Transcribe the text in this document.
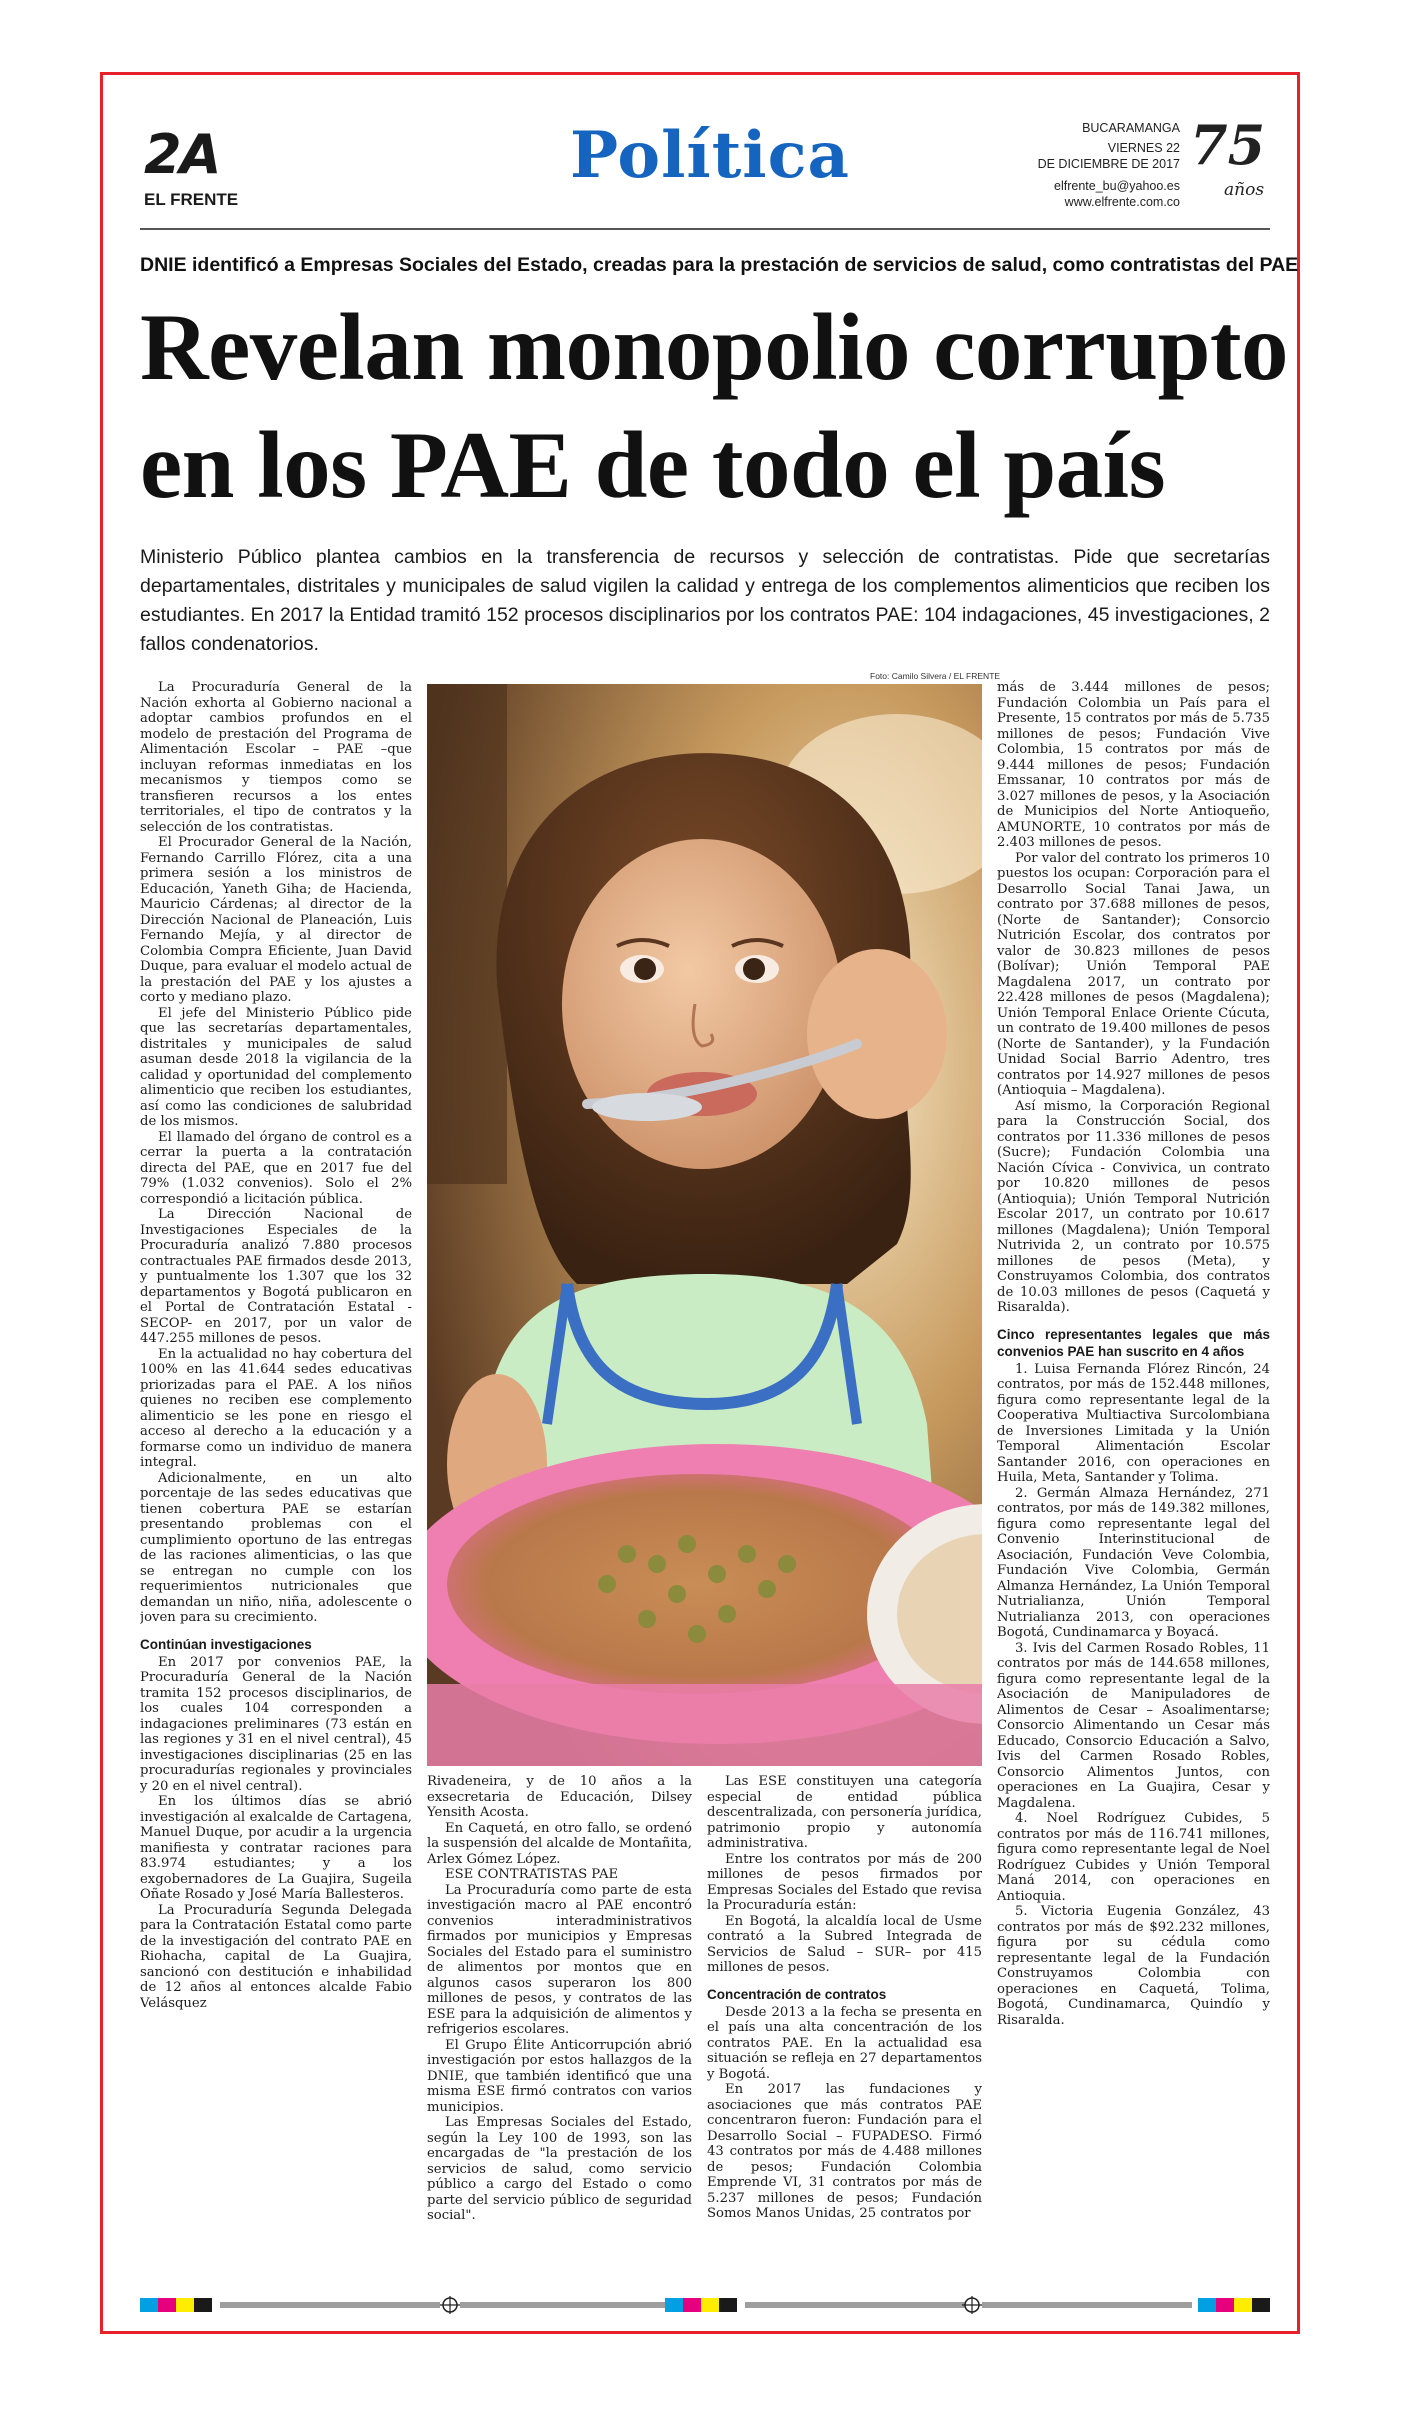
2A
EL FRENTE
Política	BUCARAMANGA
VIERNES 22
DE DICIEMBRE DE 2017
elfrente_bu@yahoo.es
www.elfrente.com.co
75
años
DNIE identificó a Empresas Sociales del Estado, creadas para la prestación de servicios de salud, como contratistas del PAE
Revelan monopolio corrupto
en los PAE de todo el país
Ministerio Público plantea cambios en la transferencia de recursos y selección de contratistas. Pide que secretarías departamentales, distritales y municipales de salud vigilen la calidad y entrega de los complementos alimenticios que reciben los estudiantes. En 2017 la Entidad tramitó 152 procesos disciplinarios por los contratos PAE: 104 indagaciones, 45 investigaciones, 2 fallos condenatorios.
Foto: Camilo Silvera / EL FRENTE

La Procuraduría General de la Nación exhorta al Gobierno nacional a adoptar cambios profundos en el modelo de prestación del Programa de Alimentación Escolar – PAE –que incluyan reformas inmediatas en los mecanismos y tiempos como se transfieren recursos a los entes territoriales, el tipo de contratos y la selección de los contratistas.

El Procurador General de la Nación, Fernando Carrillo Flórez, cita a una primera sesión a los ministros de Educación, Yaneth Giha; de Hacienda, Mauricio Cárdenas; al director de la Dirección Nacional de Planeación, Luis Fernando Mejía, y al director de Colombia Compra Eficiente, Juan David Duque, para evaluar el modelo actual de la prestación del PAE y los ajustes a corto y mediano plazo.

El jefe del Ministerio Público pide que las secretarías departamentales, distritales y municipales de salud asuman desde 2018 la vigilancia de la calidad y oportunidad del complemento alimenticio que reciben los estudiantes, así como las condiciones de salubridad de los mismos.

El llamado del órgano de control es a cerrar la puerta a la contratación directa del PAE, que en 2017 fue del 79% (1.032 convenios). Solo el 2% correspondió a licitación pública.

La Dirección Nacional de Investigaciones Especiales de la Procuraduría analizó 7.880 procesos contractuales PAE firmados desde 2013, y puntualmente los 1.307 que los 32 departamentos y Bogotá publicaron en el Portal de Contratación Estatal -SECOP- en 2017, por un valor de 447.255 millones de pesos.

En la actualidad no hay cobertura del 100% en las 41.644 sedes educativas priorizadas para el PAE. A los niños quienes no reciben ese complemento alimenticio se les pone en riesgo el acceso al derecho a la educación y a formarse como un individuo de manera integral.

Adicionalmente, en un alto porcentaje de las sedes educativas que tienen cobertura PAE se estarían presentando problemas con el cumplimiento oportuno de las entregas de las raciones alimenticias, o las que se entregan no cumple con los requerimientos nutricionales que demandan un niño, niña, adolescente o joven para su crecimiento.

Continúan investigaciones

En 2017 por convenios PAE, la Procuraduría General de la Nación tramita 152 procesos disciplinarios, de los cuales 104 corresponden a indagaciones preliminares (73 están en las regiones y 31 en el nivel central), 45 investigaciones disciplinarias (25 en las procuradurías regionales y provinciales y 20 en el nivel central).

En los últimos días se abrió investigación al exalcalde de Cartagena, Manuel Duque, por acudir a la urgencia manifiesta y contratar raciones para 83.974 estudiantes; y a los exgobernadores de La Guajira, Sugeila Oñate Rosado y José María Ballesteros.

La Procuraduría Segunda Delegada para la Contratación Estatal como parte de la investigación del contrato PAE en Riohacha, capital de La Guajira, sancionó con destitución e inhabilidad de 12 años al entonces alcalde Fabio Velásquez

Rivadeneira, y de 10 años a la exsecretaria de Educación, Dilsey Yensith Acosta.

En Caquetá, en otro fallo, se ordenó la suspensión del alcalde de Montañita, Arlex Gómez López.

ESE CONTRATISTAS PAE

La Procuraduría como parte de esta investigación macro al PAE encontró convenios interadministrativos firmados por municipios y Empresas Sociales del Estado para el suministro de alimentos por montos que en algunos casos superaron los 800 millones de pesos, y contratos de las ESE para la adquisición de alimentos y refrigerios escolares.

El Grupo Élite Anticorrupción abrió investigación por estos hallazgos de la DNIE, que también identificó que una misma ESE firmó contratos con varios municipios.

Las Empresas Sociales del Estado, según la Ley 100 de 1993, son las encargadas de "la prestación de los servicios de salud, como servicio público a cargo del Estado o como parte del servicio público de seguridad social".

Las ESE constituyen una categoría especial de entidad pública descentralizada, con personería jurídica, patrimonio propio y autonomía administrativa.

Entre los contratos por más de 200 millones de pesos firmados por Empresas Sociales del Estado que revisa la Procuraduría están:

En Bogotá, la alcaldía local de Usme contrató a la Subred Integrada de Servicios de Salud – SUR– por 415 millones de pesos.

Concentración de contratos

Desde 2013 a la fecha se presenta en el país una alta concentración de los contratos PAE. En la actualidad esa situación se refleja en 27 departamentos y Bogotá.

En 2017 las fundaciones y asociaciones que más contratos PAE concentraron fueron: Fundación para el Desarrollo Social – FUPADESO. Firmó 43 contratos por más de 4.488 millones de pesos; Fundación Colombia Emprende VI, 31 contratos por más de 5.237 millones de pesos; Fundación Somos Manos Unidas, 25 contratos por

más de 3.444 millones de pesos; Fundación Colombia un País para el Presente, 15 contratos por más de 5.735 millones de pesos; Fundación Vive Colombia, 15 contratos por más de 9.444 millones de pesos; Fundación Emssanar, 10 contratos por más de 3.027 millones de pesos, y la Asociación de Municipios del Norte Antioqueño, AMUNORTE, 10 contratos por más de 2.403 millones de pesos.

Por valor del contrato los primeros 10 puestos los ocupan: Corporación para el Desarrollo Social Tanai Jawa, un contrato por 37.688 millones de pesos, (Norte de Santander); Consorcio Nutrición Escolar, dos contratos por valor de 30.823 millones de pesos (Bolívar); Unión Temporal PAE Magdalena 2017, un contrato por 22.428 millones de pesos (Magdalena); Unión Temporal Enlace Oriente Cúcuta, un contrato de 19.400 millones de pesos (Norte de Santander), y la Fundación Unidad Social Barrio Adentro, tres contratos por 14.927 millones de pesos (Antioquia – Magdalena).

Así mismo, la Corporación Regional para la Construcción Social, dos contratos por 11.336 millones de pesos (Sucre); Fundación Colombia una Nación Cívica - Convivica, un contrato por 10.820 millones de pesos (Antioquia); Unión Temporal Nutrición Escolar 2017, un contrato por 10.617 millones (Magdalena); Unión Temporal Nutrivida 2, un contrato por 10.575 millones de pesos (Meta), y Construyamos Colombia, dos contratos de 10.03 millones de pesos (Caquetá y Risaralda).

Cinco representantes legales que más convenios PAE han suscrito en 4 años

1. Luisa Fernanda Flórez Rincón, 24 contratos, por más de 152.448 millones, figura como representante legal de la Cooperativa Multiactiva Surcolombiana de Inversiones Limitada y la Unión Temporal Alimentación Escolar Santander 2016, con operaciones en Huila, Meta, Santander y Tolima.

2. Germán Almaza Hernández, 271 contratos, por más de 149.382 millones, figura como representante legal del Convenio Interinstitucional de Asociación, Fundación Veve Colombia, Fundación Vive Colombia, Germán Almanza Hernández, La Unión Temporal Nutrialianza, Unión Temporal Nutrialianza 2013, con operaciones Bogotá, Cundinamarca y Boyacá.

3. Ivis del Carmen Rosado Robles, 11 contratos por más de 144.658 millones, figura como representante legal de la Asociación de Manipuladores de Alimentos de Cesar – Asoalimentarse; Consorcio Alimentando un Cesar más Educado, Consorcio Educación a Salvo, Ivis del Carmen Rosado Robles, Consorcio Alimentos Juntos, con operaciones en La Guajira, Cesar y Magdalena.

4. Noel Rodríguez Cubides, 5 contratos por más de 116.741 millones, figura como representante legal de Noel Rodríguez Cubides y Unión Temporal Maná 2014, con operaciones en Antioquia.

5. Victoria Eugenia González, 43 contratos por más de $92.232 millones, figura por su cédula como representante legal de la Fundación Construyamos Colombia con operaciones en Caquetá, Tolima, Bogotá, Cundinamarca, Quindío y Risaralda.
